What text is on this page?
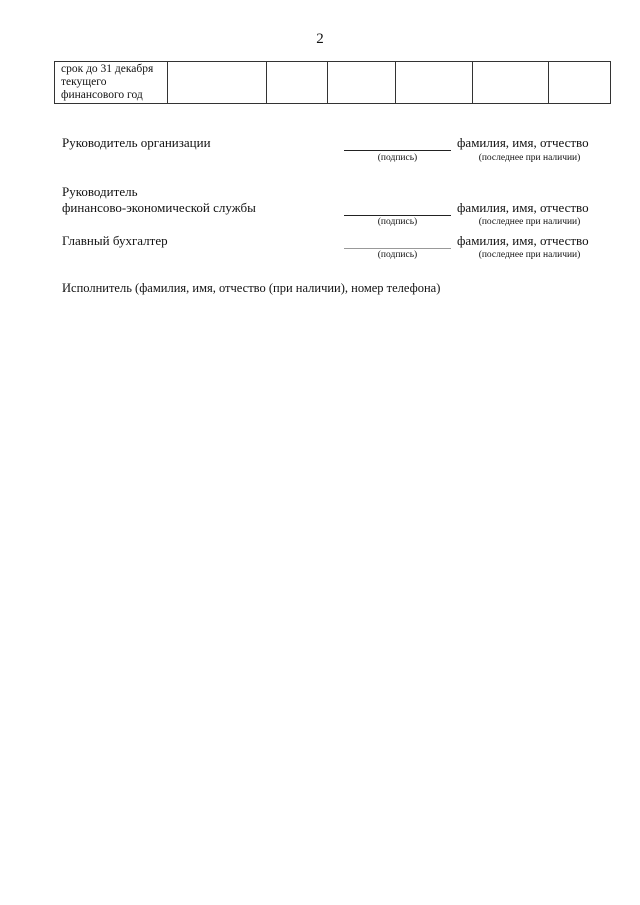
2
срок до 31 декабря
текущего
финансового год

Руководитель организации	фамилия, имя, отчество
(подпись)	(последнее при наличии)
Руководитель
финансово-экономической службы	фамилия, имя, отчество
(подпись)	(последнее при наличии)
Главный бухгалтер	фамилия, имя, отчество
(подпись)	(последнее при наличии)
Исполнитель (фамилия, имя, отчество (при наличии), номер телефона)
